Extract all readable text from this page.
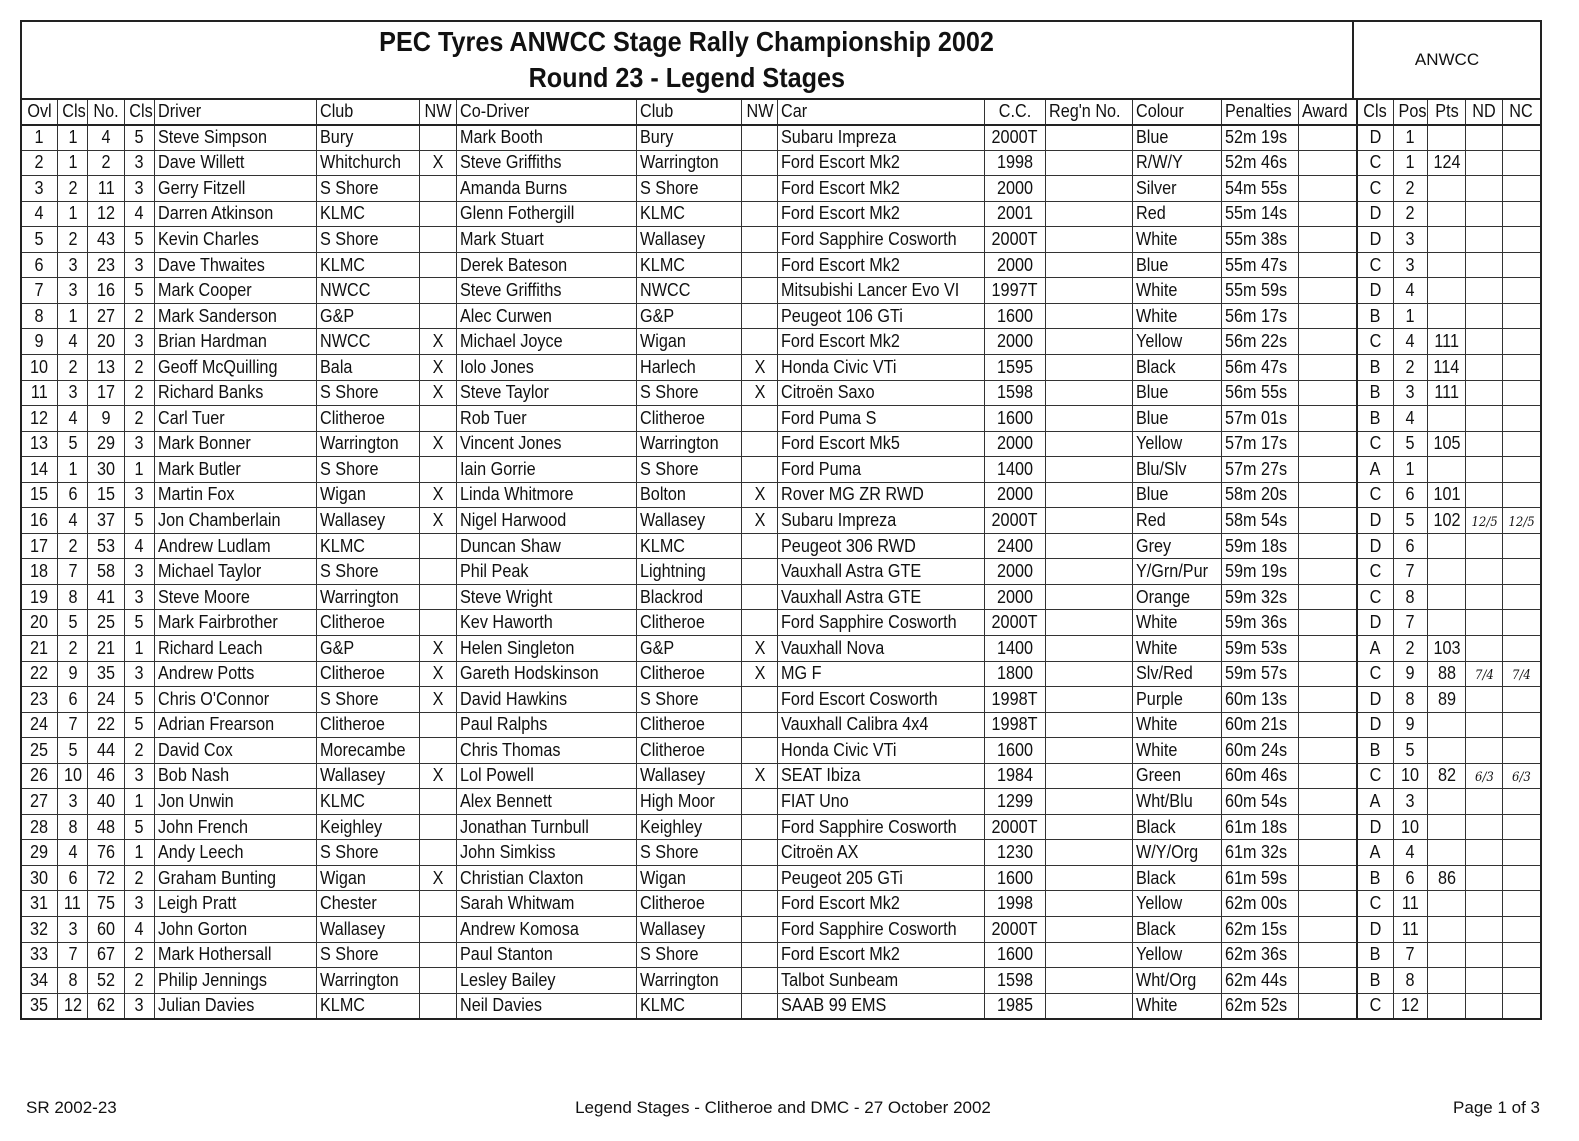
PEC Tyres ANWCC Stage Rally Championship 2002
Round 23 - Legend Stages
ANWCC
Ovl	Cls	No.	Cls	Driver	Club	NW	Co-Driver	Club	NW	Car	C.C.	Reg'n No.	Colour	Penalties	Award	Cls	Pos	Pts	ND	NC
1	1	4	5	Steve Simpson	Bury		Mark Booth	Bury		Subaru Impreza	2000T		Blue	52m 19s		D	1			
2	1	2	3	Dave Willett	Whitchurch	X	Steve Griffiths	Warrington		Ford Escort Mk2	1998		R/W/Y	52m 46s		C	1	124		
3	2	11	3	Gerry Fitzell	S Shore		Amanda Burns	S Shore		Ford Escort Mk2	2000		Silver	54m 55s		C	2			
4	1	12	4	Darren Atkinson	KLMC		Glenn Fothergill	KLMC		Ford Escort Mk2	2001		Red	55m 14s		D	2			
5	2	43	5	Kevin Charles	S Shore		Mark Stuart	Wallasey		Ford Sapphire Cosworth	2000T		White	55m 38s		D	3			
6	3	23	3	Dave Thwaites	KLMC		Derek Bateson	KLMC		Ford Escort Mk2	2000		Blue	55m 47s		C	3			
7	3	16	5	Mark Cooper	NWCC		Steve Griffiths	NWCC		Mitsubishi Lancer Evo VI	1997T		White	55m 59s		D	4			
8	1	27	2	Mark Sanderson	G&P		Alec Curwen	G&P		Peugeot 106 GTi	1600		White	56m 17s		B	1			
9	4	20	3	Brian Hardman	NWCC	X	Michael Joyce	Wigan		Ford Escort Mk2	2000		Yellow	56m 22s		C	4	111		
10	2	13	2	Geoff McQuilling	Bala	X	Iolo Jones	Harlech	X	Honda Civic VTi	1595		Black	56m 47s		B	2	114		
11	3	17	2	Richard Banks	S Shore	X	Steve Taylor	S Shore	X	Citroën Saxo	1598		Blue	56m 55s		B	3	111		
12	4	9	2	Carl Tuer	Clitheroe		Rob Tuer	Clitheroe		Ford Puma S	1600		Blue	57m 01s		B	4			
13	5	29	3	Mark Bonner	Warrington	X	Vincent Jones	Warrington		Ford Escort Mk5	2000		Yellow	57m 17s		C	5	105		
14	1	30	1	Mark Butler	S Shore		Iain Gorrie	S Shore		Ford Puma	1400		Blu/Slv	57m 27s		A	1			
15	6	15	3	Martin Fox	Wigan	X	Linda Whitmore	Bolton	X	Rover MG ZR RWD	2000		Blue	58m 20s		C	6	101		
16	4	37	5	Jon Chamberlain	Wallasey	X	Nigel Harwood	Wallasey	X	Subaru Impreza	2000T		Red	58m 54s		D	5	102	12/5	12/5
17	2	53	4	Andrew Ludlam	KLMC		Duncan Shaw	KLMC		Peugeot 306 RWD	2400		Grey	59m 18s		D	6			
18	7	58	3	Michael Taylor	S Shore		Phil Peak	Lightning		Vauxhall Astra GTE	2000		Y/Grn/Pur	59m 19s		C	7			
19	8	41	3	Steve Moore	Warrington		Steve Wright	Blackrod		Vauxhall Astra GTE	2000		Orange	59m 32s		C	8			
20	5	25	5	Mark Fairbrother	Clitheroe		Kev Haworth	Clitheroe		Ford Sapphire Cosworth	2000T		White	59m 36s		D	7			
21	2	21	1	Richard Leach	G&P	X	Helen Singleton	G&P	X	Vauxhall Nova	1400		White	59m 53s		A	2	103		
22	9	35	3	Andrew Potts	Clitheroe	X	Gareth Hodskinson	Clitheroe	X	MG F	1800		Slv/Red	59m 57s		C	9	88	7/4	7/4
23	6	24	5	Chris O'Connor	S Shore	X	David Hawkins	S Shore		Ford Escort Cosworth	1998T		Purple	60m 13s		D	8	89		
24	7	22	5	Adrian Frearson	Clitheroe		Paul Ralphs	Clitheroe		Vauxhall Calibra 4x4	1998T		White	60m 21s		D	9			
25	5	44	2	David Cox	Morecambe		Chris Thomas	Clitheroe		Honda Civic VTi	1600		White	60m 24s		B	5			
26	10	46	3	Bob Nash	Wallasey	X	Lol Powell	Wallasey	X	SEAT Ibiza	1984		Green	60m 46s		C	10	82	6/3	6/3
27	3	40	1	Jon Unwin	KLMC		Alex Bennett	High Moor		FIAT Uno	1299		Wht/Blu	60m 54s		A	3			
28	8	48	5	John French	Keighley		Jonathan Turnbull	Keighley		Ford Sapphire Cosworth	2000T		Black	61m 18s		D	10			
29	4	76	1	Andy Leech	S Shore		John Simkiss	S Shore		Citroën AX	1230		W/Y/Org	61m 32s		A	4			
30	6	72	2	Graham Bunting	Wigan	X	Christian Claxton	Wigan		Peugeot 205 GTi	1600		Black	61m 59s		B	6	86		
31	11	75	3	Leigh Pratt	Chester		Sarah Whitwam	Clitheroe		Ford Escort Mk2	1998		Yellow	62m 00s		C	11			
32	3	60	4	John Gorton	Wallasey		Andrew Komosa	Wallasey		Ford Sapphire Cosworth	2000T		Black	62m 15s		D	11			
33	7	67	2	Mark Hothersall	S Shore		Paul Stanton	S Shore		Ford Escort Mk2	1600		Yellow	62m 36s		B	7			
34	8	52	2	Philip Jennings	Warrington		Lesley Bailey	Warrington		Talbot Sunbeam	1598		Wht/Org	62m 44s		B	8			
35	12	62	3	Julian Davies	KLMC		Neil Davies	KLMC		SAAB 99 EMS	1985		White	62m 52s		C	12			
SR 2002-23	Legend Stages - Clitheroe and DMC - 27 October 2002	Page 1 of 3
